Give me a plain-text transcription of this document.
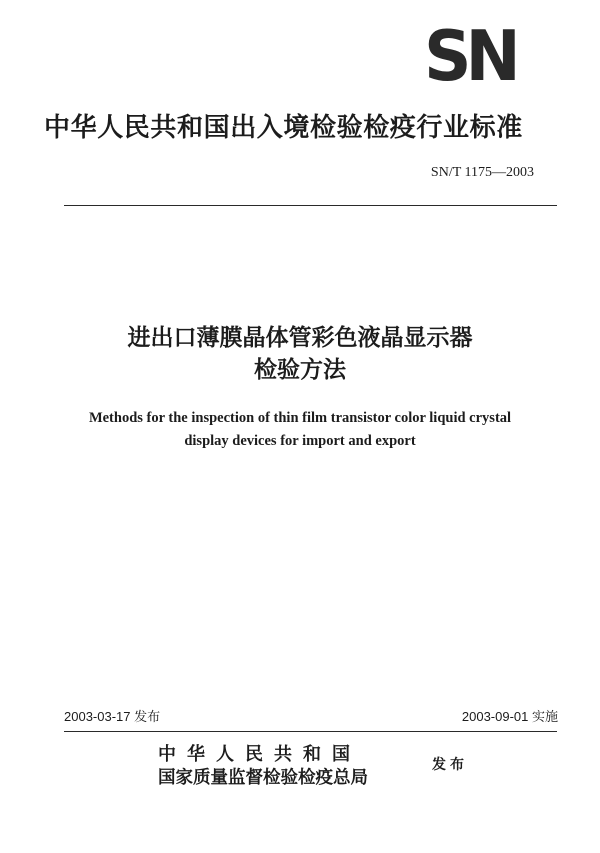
SN
中华人民共和国出入境检验检疫行业标准
SN/T 1175—2003
进出口薄膜晶体管彩色液晶显示器
检验方法
Methods for the inspection of thin film transistor color liquid crystal
display devices for import and export
2003-03-17 发布	2003-09-01 实施
中华人民共和国
国家质量监督检验检疫总局
发布
